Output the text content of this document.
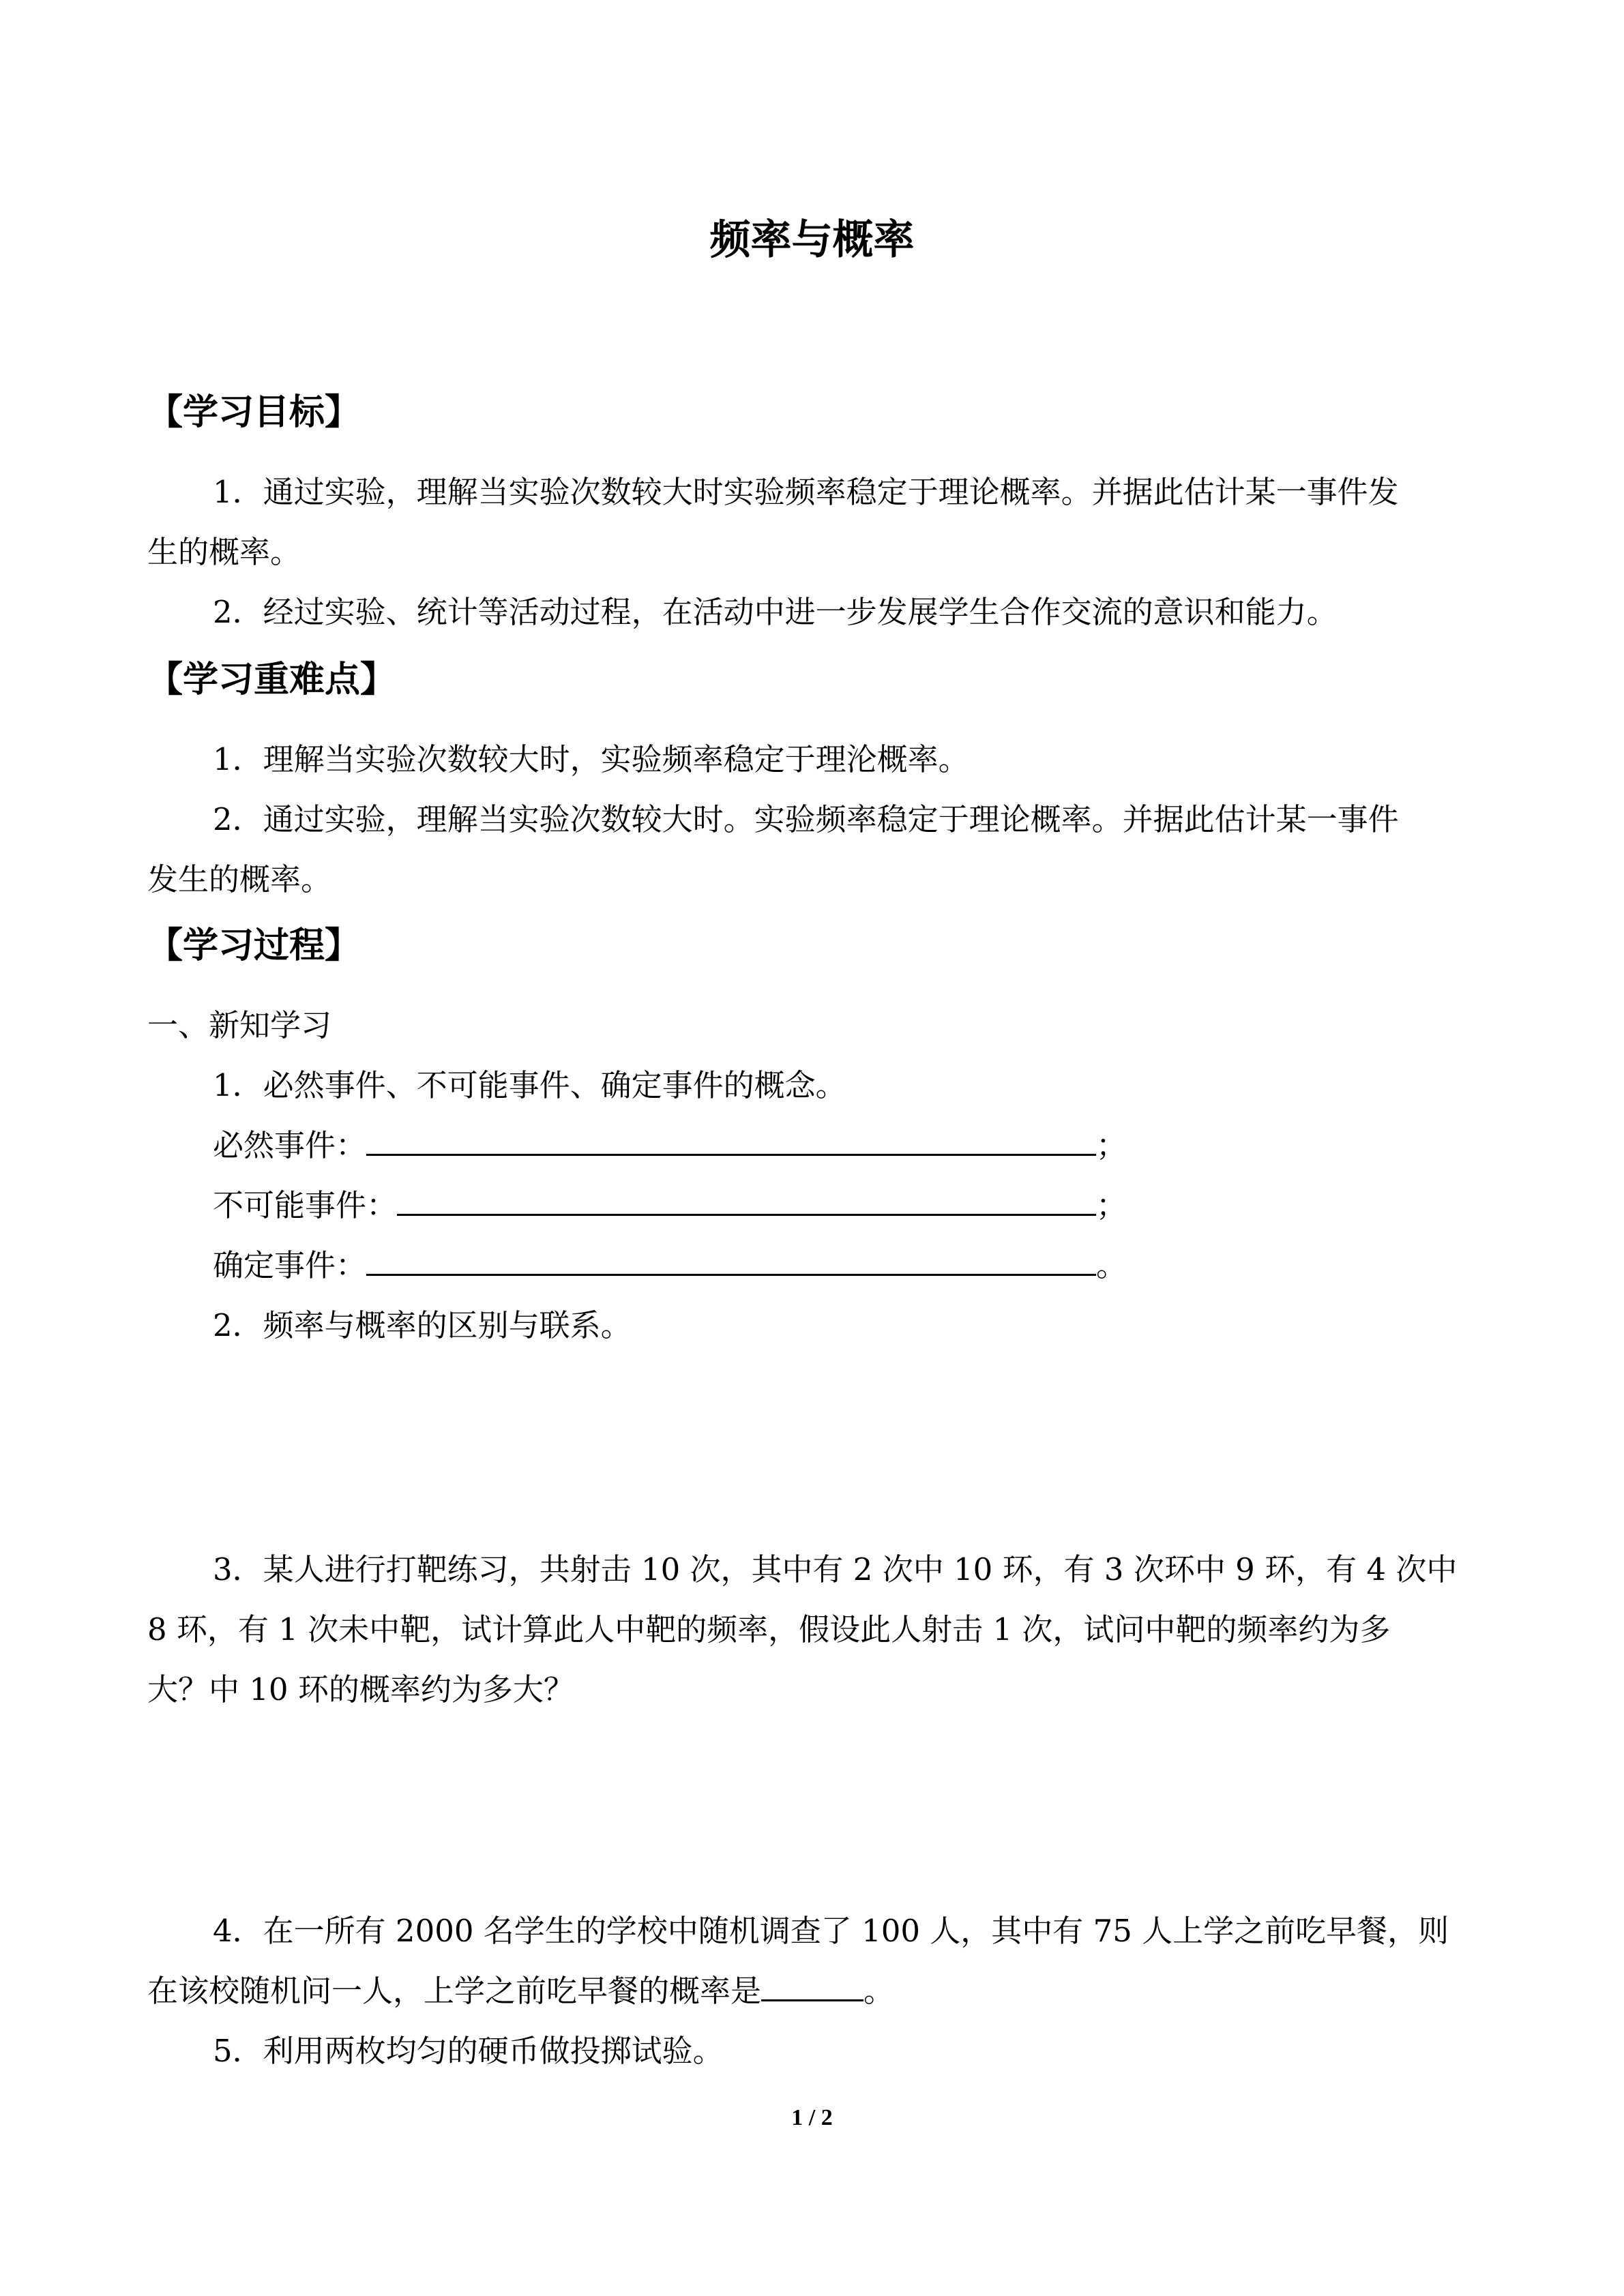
频率与概率
【学习目标】
1．通过实验，理解当实验次数较大时实验频率稳定于理论概率。并据此估计某一事件发
生的概率。
2．经过实验、统计等活动过程，在活动中进一步发展学生合作交流的意识和能力。
【学习重难点】
1．理解当实验次数较大时，实验频率稳定于理沦概率。
2．通过实验，理解当实验次数较大时。实验频率稳定于理论概率。并据此估计某一事件
发生的概率。
【学习过程】
一、新知学习
1．必然事件、不可能事件、确定事件的概念。
必然事件：	；
不可能事件：	；
确定事件：	。
2．频率与概率的区别与联系。
3．某人进行打靶练习，共射击 10 次，其中有 2 次中 10 环，有 3 次环中 9 环，有 4 次中
8 环，有 1 次未中靶，试计算此人中靶的频率，假设此人射击 1 次，试问中靶的频率约为多
大？中 10 环的概率约为多大？
4．在一所有 2000 名学生的学校中随机调查了 100 人，其中有 75 人上学之前吃早餐，则
在该校随机问一人，上学之前吃早餐的概率是	。
5．利用两枚均匀的硬币做投掷试验。
1 / 2
